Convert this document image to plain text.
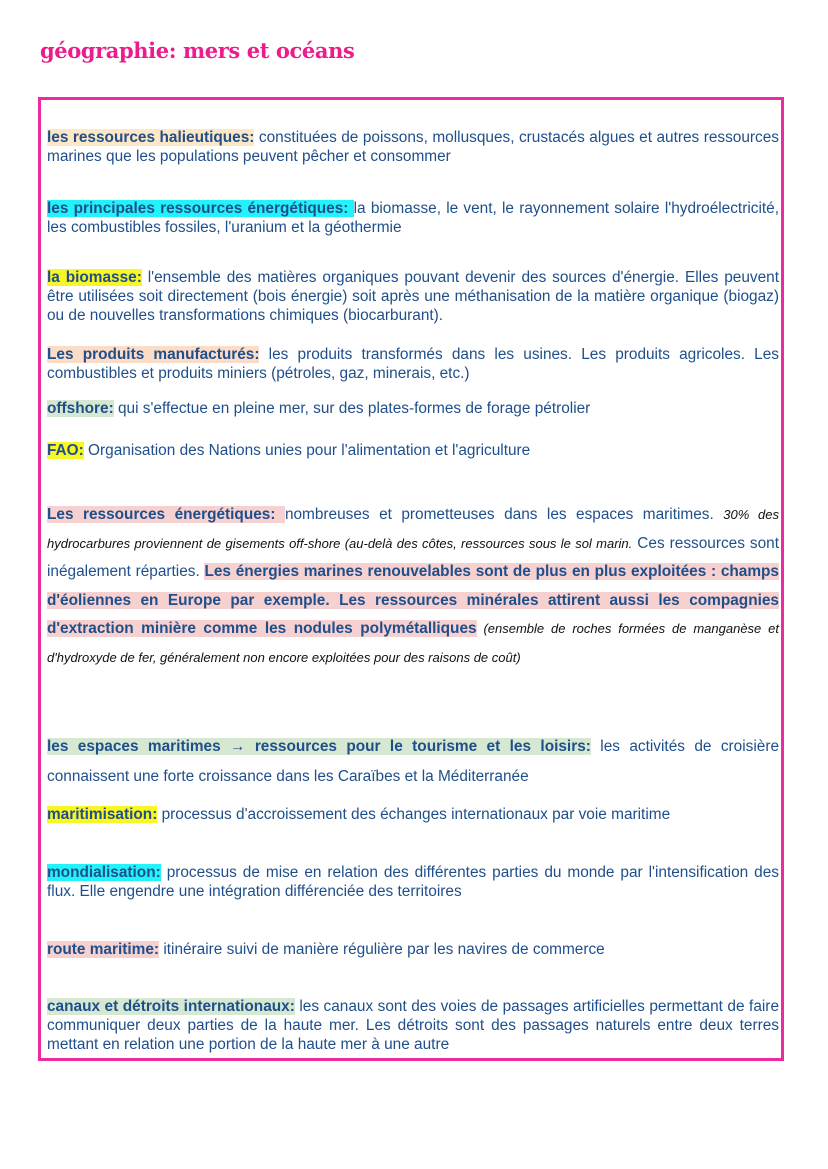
géographie: mers et océans
les ressources halieutiques: constituées de poissons, mollusques, crustacés algues et autres ressources marines que les populations peuvent pêcher et consommer
les principales ressources énergétiques: la biomasse, le vent, le rayonnement solaire l'hydroélectricité, les combustibles fossiles, l'uranium et la géothermie
la biomasse: l'ensemble des matières organiques pouvant devenir des sources d'énergie. Elles peuvent être utilisées soit directement (bois énergie) soit après une méthanisation de la matière organique (biogaz) ou de nouvelles transformations chimiques (biocarburant).
Les produits manufacturés: les produits transformés dans les usines. Les produits agricoles. Les combustibles et produits miniers (pétroles, gaz, minerais, etc.)
offshore: qui s'effectue en pleine mer, sur des plates-formes de forage pétrolier
FAO: Organisation des Nations unies pour l'alimentation et l'agriculture
Les ressources énergétiques: nombreuses et prometteuses dans les espaces maritimes. 30% des hydrocarbures proviennent de gisements off-shore (au-delà des côtes, ressources sous le sol marin. Ces ressources sont inégalement réparties. Les énergies marines renouvelables sont de plus en plus exploitées : champs d'éoliennes en Europe par exemple. Les ressources minérales attirent aussi les compagnies d'extraction minière comme les nodules polymétalliques (ensemble de roches formées de manganèse et d'hydroxyde de fer, généralement non encore exploitées pour des raisons de coût)
les espaces maritimes → ressources pour le tourisme et les loisirs: les activités de croisière connaissent une forte croissance dans les Caraïbes et la Méditerranée
maritimisation: processus d'accroissement des échanges internationaux par voie maritime
mondialisation: processus de mise en relation des différentes parties du monde par l'intensification des flux. Elle engendre une intégration différenciée des territoires
route maritime: itinéraire suivi de manière régulière par les navires de commerce
canaux et détroits internationaux: les canaux sont des voies de passages artificielles permettant de faire communiquer deux parties de la haute mer. Les détroits sont des passages naturels entre deux terres mettant en relation une portion de la haute mer à une autre
